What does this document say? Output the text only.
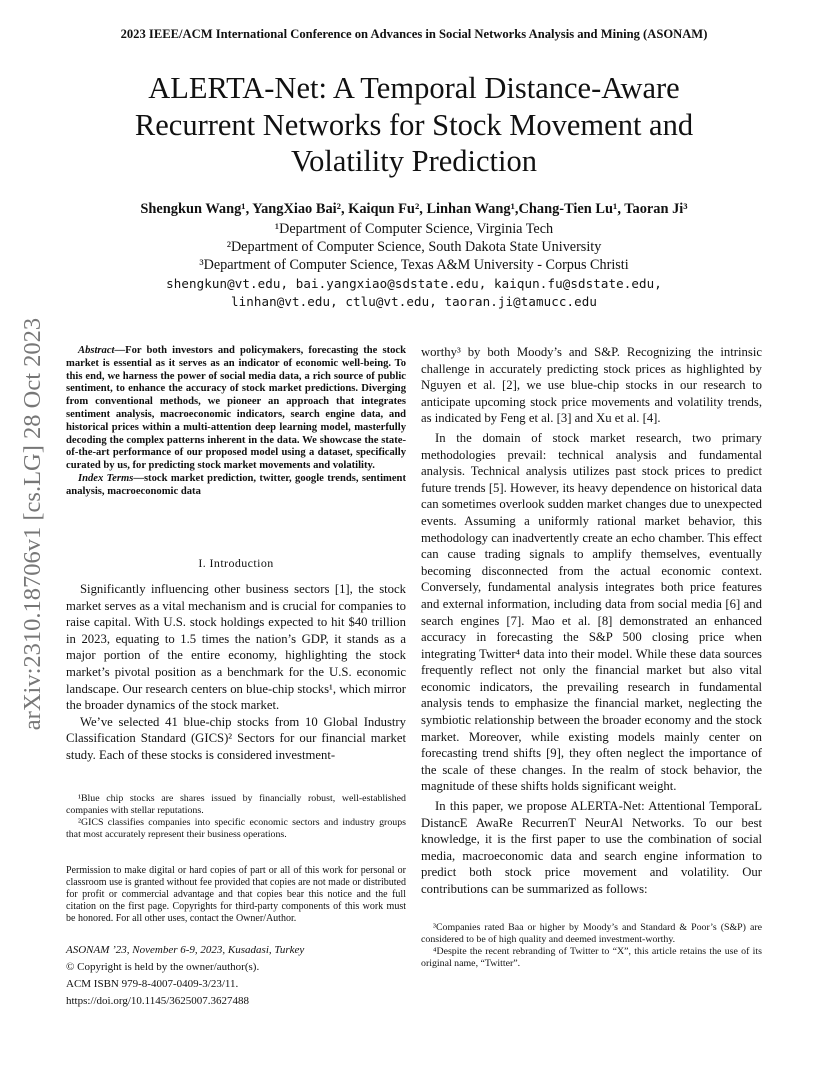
2023 IEEE/ACM International Conference on Advances in Social Networks Analysis and Mining (ASONAM)
ALERTA-Net: A Temporal Distance-Aware
Recurrent Networks for Stock Movement and
Volatility Prediction
Shengkun Wang¹, YangXiao Bai², Kaiqun Fu², Linhan Wang¹,Chang-Tien Lu¹, Taoran Ji³
¹Department of Computer Science, Virginia Tech
²Department of Computer Science, South Dakota State University
³Department of Computer Science, Texas A&M University - Corpus Christi
shengkun@vt.edu, bai.yangxiao@sdstate.edu, kaiqun.fu@sdstate.edu,
linhan@vt.edu, ctlu@vt.edu, taoran.ji@tamucc.edu
arXiv:2310.18706v1 [cs.LG] 28 Oct 2023	Abstract—For both investors and policymakers, forecasting the stock market is essential as it serves as an indicator of economic well-being. To this end, we harness the power of social media data, a rich source of public sentiment, to enhance the accuracy of stock market predictions. Diverging from conventional methods, we pioneer an approach that integrates sentiment analysis, macroeconomic indicators, search engine data, and historical prices within a multi-attention deep learning model, masterfully decoding the complex patterns inherent in the data. We showcase the state-of-the-art performance of our proposed model using a dataset, specifically curated by us, for predicting stock market movements and volatility.

Index Terms—stock market prediction, twitter, google trends, sentiment analysis, macroeconomic data

I. Introduction

Significantly influencing other business sectors [1], the stock market serves as a vital mechanism and is crucial for companies to raise capital. With U.S. stock holdings expected to hit $40 trillion in 2023, equating to 1.5 times the nation’s GDP, it stands as a major portion of the entire economy, highlighting the stock market’s pivotal position as a benchmark for the U.S. economic landscape. Our research centers on blue-chip stocks¹, which mirror the broader dynamics of the stock market.

We’ve selected 41 blue-chip stocks from 10 Global Industry Classification Standard (GICS)² Sectors for our financial market study. Each of these stocks is considered investment-

¹Blue chip stocks are shares issued by financially robust, well-established companies with stellar reputations.

²GICS classifies companies into specific economic sectors and industry groups that most accurately represent their business operations.

Permission to make digital or hard copies of part or all of this work for personal or classroom use is granted without fee provided that copies are not made or distributed for profit or commercial advantage and that copies bear this notice and the full citation on the first page. Copyrights for third-party components of this work must be honored. For all other uses, contact the Owner/Author.
ASONAM ’23, November 6-9, 2023, Kusadasi, Turkey
© Copyright is held by the owner/author(s).
ACM ISBN 979-8-4007-0409-3/23/11.
https://doi.org/10.1145/3625007.3627488

worthy³ by both Moody’s and S&P. Recognizing the intrinsic challenge in accurately predicting stock prices as highlighted by Nguyen et al. [2], we use blue-chip stocks in our research to anticipate upcoming stock price movements and volatility trends, as indicated by Feng et al. [3] and Xu et al. [4].

In the domain of stock market research, two primary methodologies prevail: technical analysis and fundamental analysis. Technical analysis utilizes past stock prices to predict future trends [5]. However, its heavy dependence on historical data can sometimes overlook sudden market changes due to unexpected events. Assuming a uniformly rational market behavior, this methodology can inadvertently create an echo chamber. This effect can cause trading signals to amplify themselves, eventually becoming disconnected from the actual economic context. Conversely, fundamental analysis integrates both price features and external information, including data from social media [6] and search engines [7]. Mao et al. [8] demonstrated an enhanced accuracy in forecasting the S&P 500 closing price when integrating Twitter⁴ data into their model. While these data sources frequently reflect not only the financial market but also vital economic indicators, the prevailing research in fundamental analysis tends to emphasize the financial market, neglecting the symbiotic relationship between the broader economy and the stock market. Moreover, while existing models mainly center on forecasting trend shifts [9], they often neglect the importance of the scale of these changes. In the realm of stock behavior, the magnitude of these shifts holds significant weight.

In this paper, we propose ALERTA-Net: Attentional TemporaL DistancE AwaRe RecurrenT NeurAl Networks. To our best knowledge, it is the first paper to use the combination of social media, macroeconomic data and search engine information to predict both stock price movement and volatility. Our contributions can be summarized as follows:

³Companies rated Baa or higher by Moody’s and Standard & Poor’s (S&P) are considered to be of high quality and deemed investment-worthy.

⁴Despite the recent rebranding of Twitter to “X”, this article retains the use of its original name, “Twitter”.
